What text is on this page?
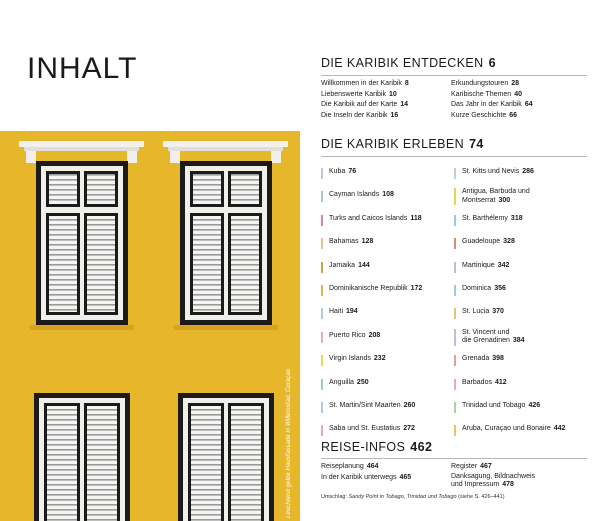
INHALT
Leuchtend gelbe Hausfassade in Willemstad, Curaçao
DIE KARIBIK ENTDECKEN 6
Willkommen in der Karibik 8
Liebenswerte Karibik 10
Die Karibik auf der Karte 14
Die Inseln der Karibik 16
Erkundungstouren 28
Karibische Themen 40
Das Jahr in der Karibik 64
Kurze Geschichte 66
DIE KARIBIK ERLEBEN 74
Kuba 76
Cayman Islands 108
Turks and Caicos Islands 118
Bahamas 128
Jamaika 144
Dominikanische Republik 172
Haiti 194
Puerto Rico 208
Virgin Islands 232
Anguilla 250
St. Martin/Sint Maarten 260
Saba und St. Eustatius 272
St. Kitts und Nevis 286
Antigua, Barbuda und
Montserrat 300
St. Barthélemy 318
Guadeloupe 328
Martinique 342
Dominica 356
St. Lucia 370
St. Vincent und
die Grenadinen 384
Grenada 398
Barbados 412
Trinidad und Tobago 426
Aruba, Curaçao und Bonaire 442
REISE-INFOS 462
Reiseplanung 464
In der Karibik unterwegs 465
Register 467
Danksagung, Bildnachweis
und Impressum 478
Umschlag: Sandy Point in Tobago, Trinidad und Tobago (siehe S. 426–441)
